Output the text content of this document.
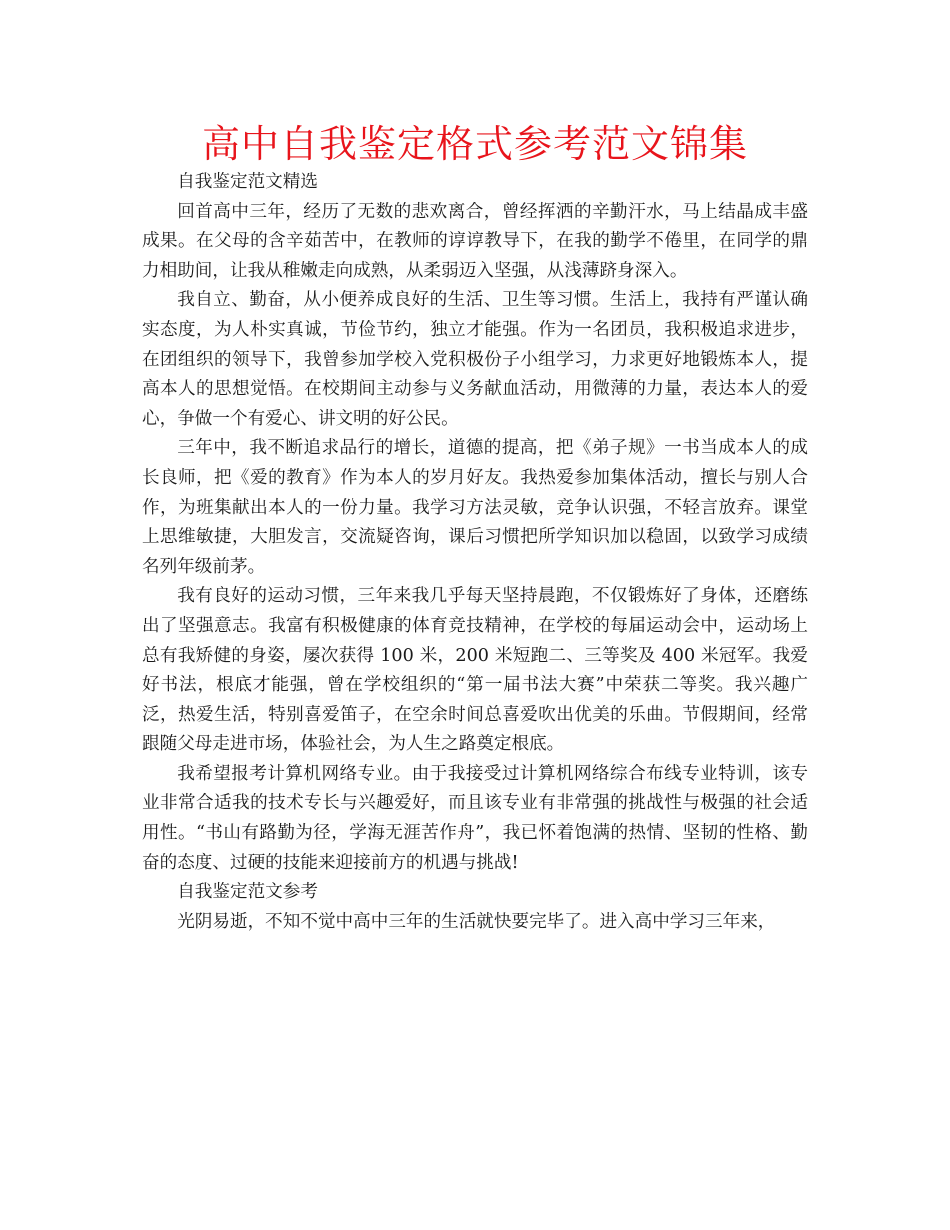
高中自我鉴定格式参考范文锦集

自我鉴定范文精选

回首高中三年，经历了无数的悲欢离合，曾经挥洒的辛勤汗水，马上结晶成丰盛成果。在父母的含辛茹苦中，在教师的谆谆教导下，在我的勤学不倦里，在同学的鼎力相助间，让我从稚嫩走向成熟，从柔弱迈入坚强，从浅薄跻身深入。

我自立、勤奋，从小便养成良好的生活、卫生等习惯。生活上，我持有严谨认确实态度，为人朴实真诚，节俭节约，独立才能强。作为一名团员，我积极追求进步，在团组织的领导下，我曾参加学校入党积极份子小组学习，力求更好地锻炼本人，提高本人的思想觉悟。在校期间主动参与义务献血活动，用微薄的力量，表达本人的爱心，争做一个有爱心、讲文明的好公民。

三年中，我不断追求品行的增长，道德的提高，把《弟子规》一书当成本人的成长良师，把《爱的教育》作为本人的岁月好友。我热爱参加集体活动，擅长与别人合作，为班集献出本人的一份力量。我学习方法灵敏，竞争认识强，不轻言放弃。课堂上思维敏捷，大胆发言，交流疑咨询，课后习惯把所学知识加以稳固，以致学习成绩名列年级前茅。

我有良好的运动习惯，三年来我几乎每天坚持晨跑，不仅锻炼好了身体，还磨练出了坚强意志。我富有积极健康的体育竞技精神，在学校的每届运动会中，运动场上总有我矫健的身姿，屡次获得 100 米，200 米短跑二、三等奖及 400 米冠军。我爱好书法，根底才能强，曾在学校组织的“第一届书法大赛”中荣获二等奖。我兴趣广泛，热爱生活，特别喜爱笛子，在空余时间总喜爱吹出优美的乐曲。节假期间，经常跟随父母走进市场，体验社会，为人生之路奠定根底。

我希望报考计算机网络专业。由于我接受过计算机网络综合布线专业特训，该专业非常合适我的技术专长与兴趣爱好，而且该专业有非常强的挑战性与极强的社会适用性。“书山有路勤为径，学海无涯苦作舟”，我已怀着饱满的热情、坚韧的性格、勤奋的态度、过硬的技能来迎接前方的机遇与挑战!

自我鉴定范文参考

光阴易逝，不知不觉中高中三年的生活就快要完毕了。进入高中学习三年来，
